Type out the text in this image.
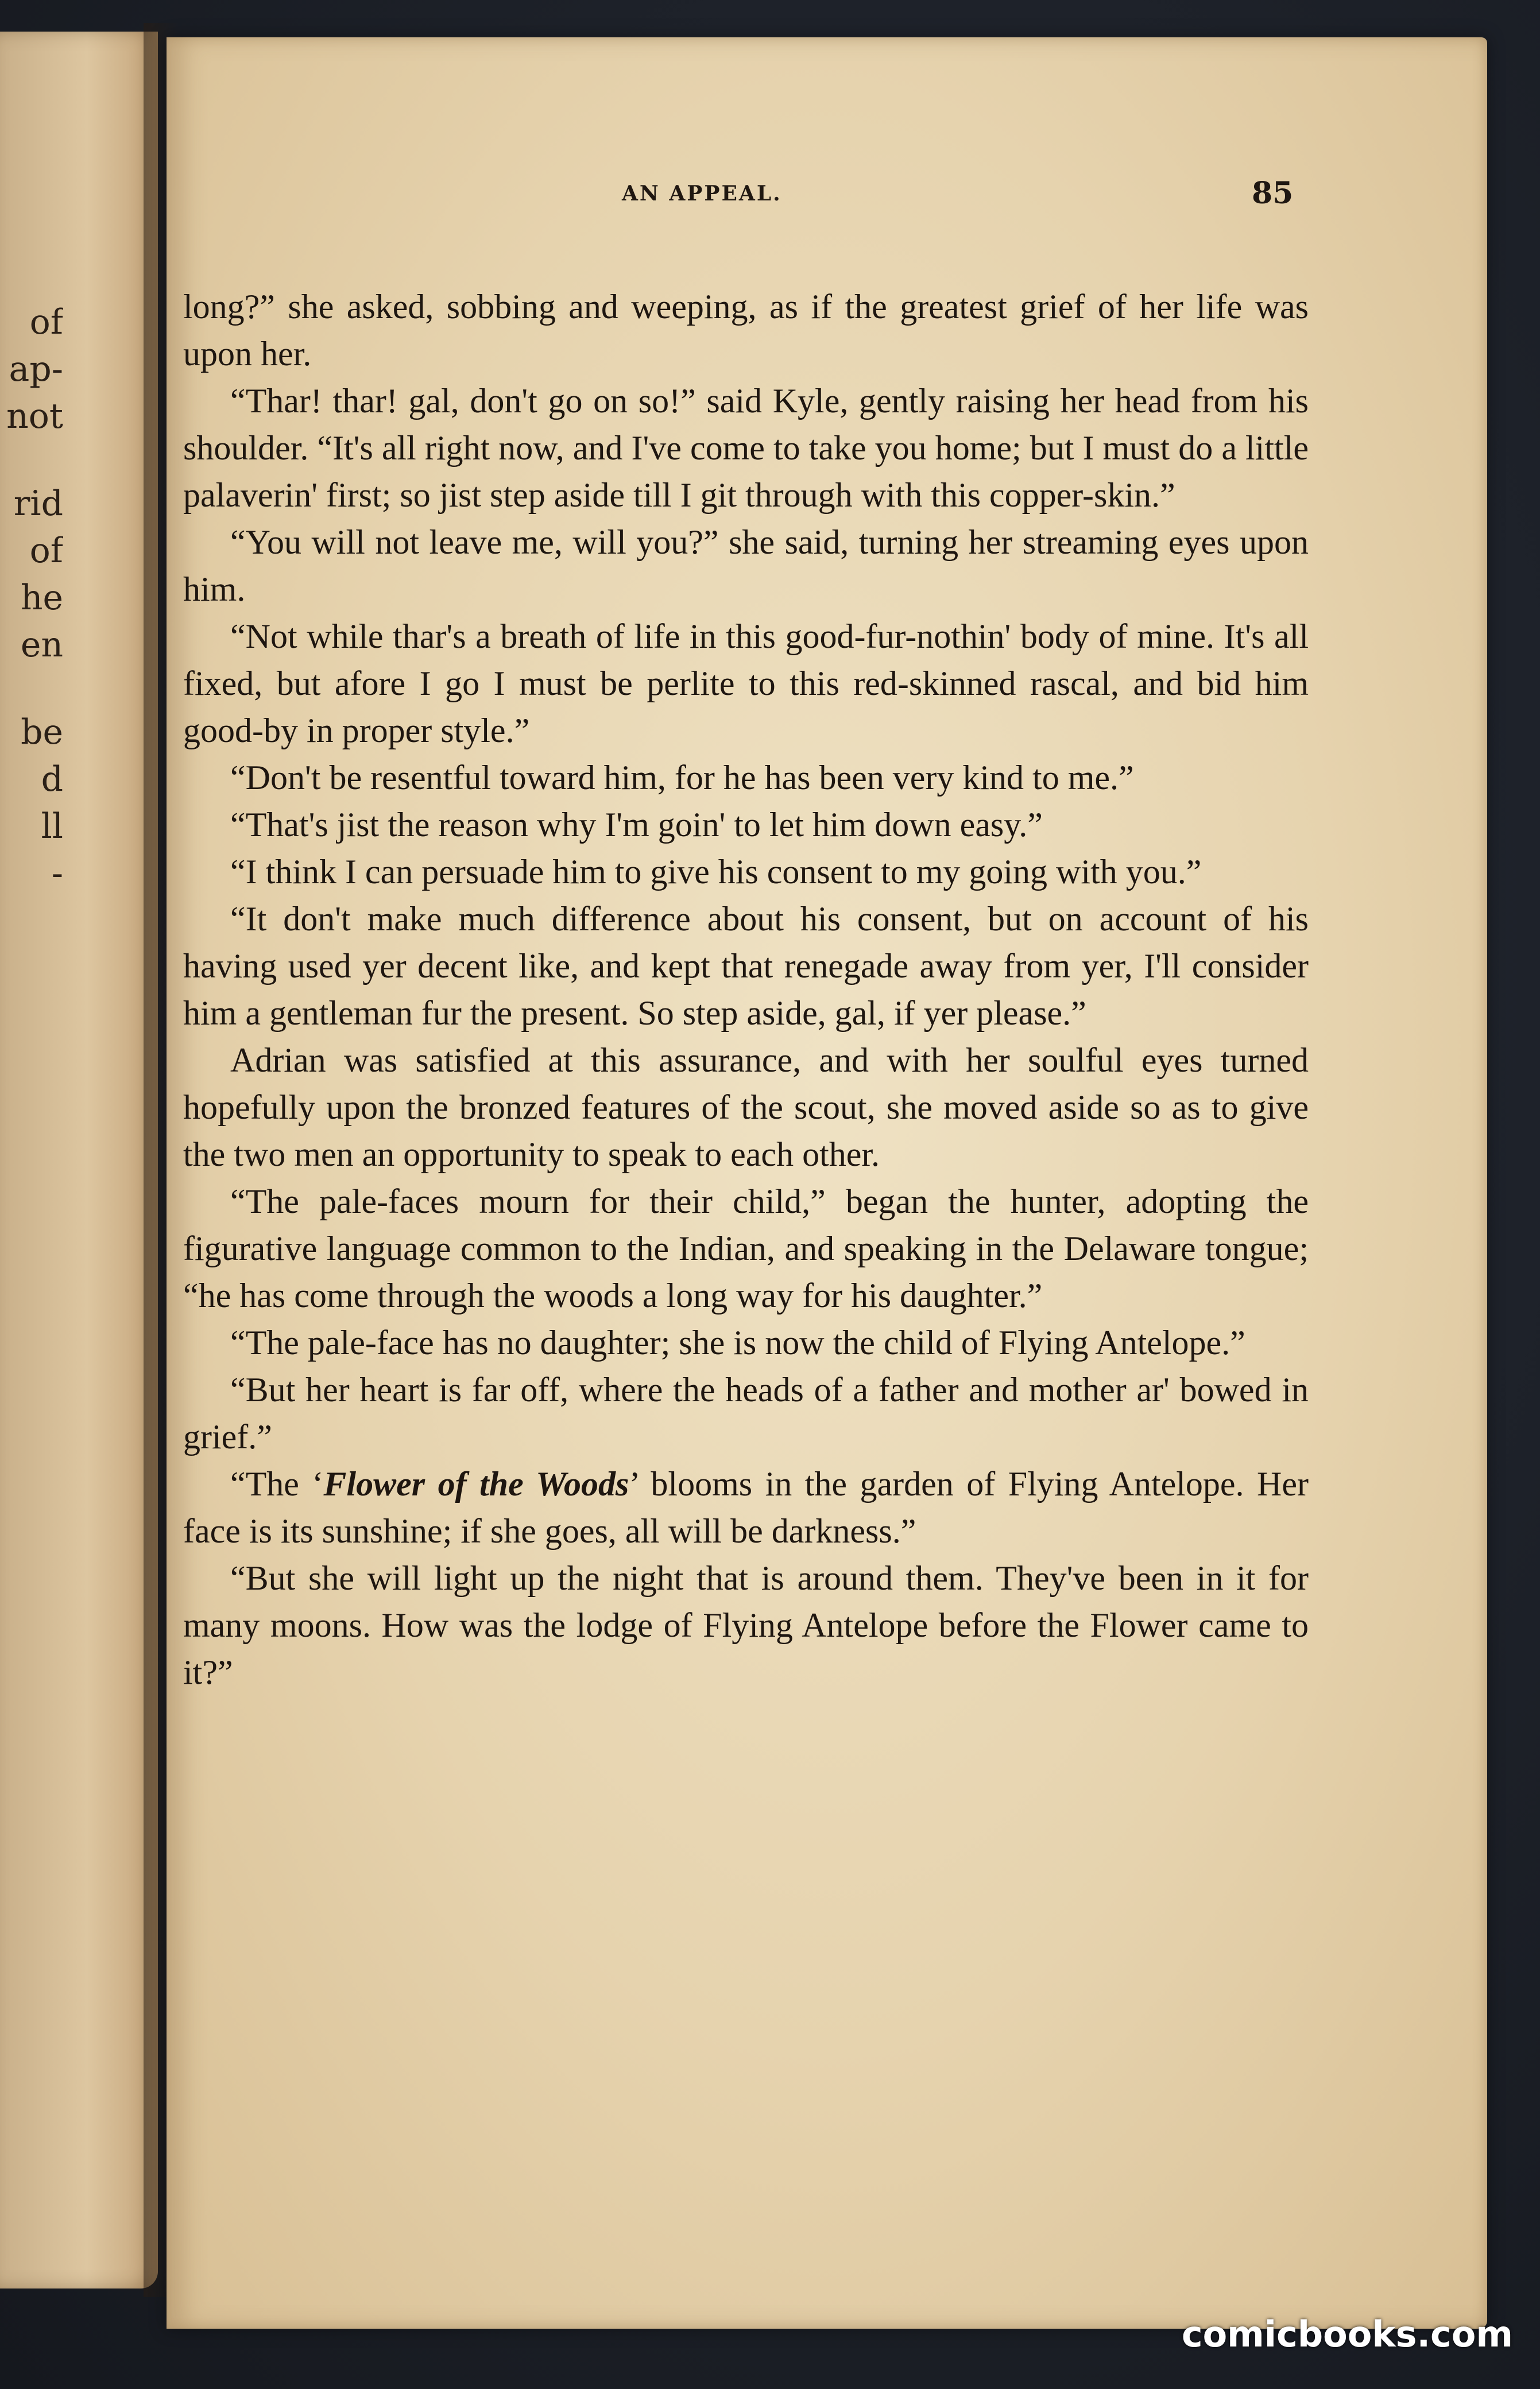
of
ap-
not
rid
of
he
en
be
d
ll
-
AN APPEAL.	85

long?” she asked, sobbing and weeping, as if the greatest grief of her life was upon her.

“Thar! thar! gal, don't go on so!” said Kyle, gently raising her head from his shoulder. “It's all right now, and I've come to take you home; but I must do a little palaverin' first; so jist step aside till I git through with this copper-skin.”

“You will not leave me, will you?” she said, turning her streaming eyes upon him.

“Not while thar's a breath of life in this good-fur-nothin' body of mine. It's all fixed, but afore I go I must be perlite to this red-skinned rascal, and bid him good-by in proper style.”

“Don't be resentful toward him, for he has been very kind to me.”

“That's jist the reason why I'm goin' to let him down easy.”

“I think I can persuade him to give his consent to my going with you.”

“It don't make much difference about his consent, but on account of his having used yer decent like, and kept that renegade away from yer, I'll consider him a gentleman fur the present. So step aside, gal, if yer please.”

Adrian was satisfied at this assurance, and with her soulful eyes turned hopefully upon the bronzed features of the scout, she moved aside so as to give the two men an opportunity to speak to each other.

“The pale-faces mourn for their child,” began the hunter, adopting the figurative language common to the Indian, and speaking in the Delaware tongue; “he has come through the woods a long way for his daughter.”

“The pale-face has no daughter; she is now the child of Flying Antelope.”

“But her heart is far off, where the heads of a father and mother ar' bowed in grief.”

“The ‘Flower of the Woods’ blooms in the garden of Flying Antelope. Her face is its sunshine; if she goes, all will be darkness.”

“But she will light up the night that is around them. They've been in it for many moons. How was the lodge of Flying Antelope before the Flower came to it?”

comicbooks.com
